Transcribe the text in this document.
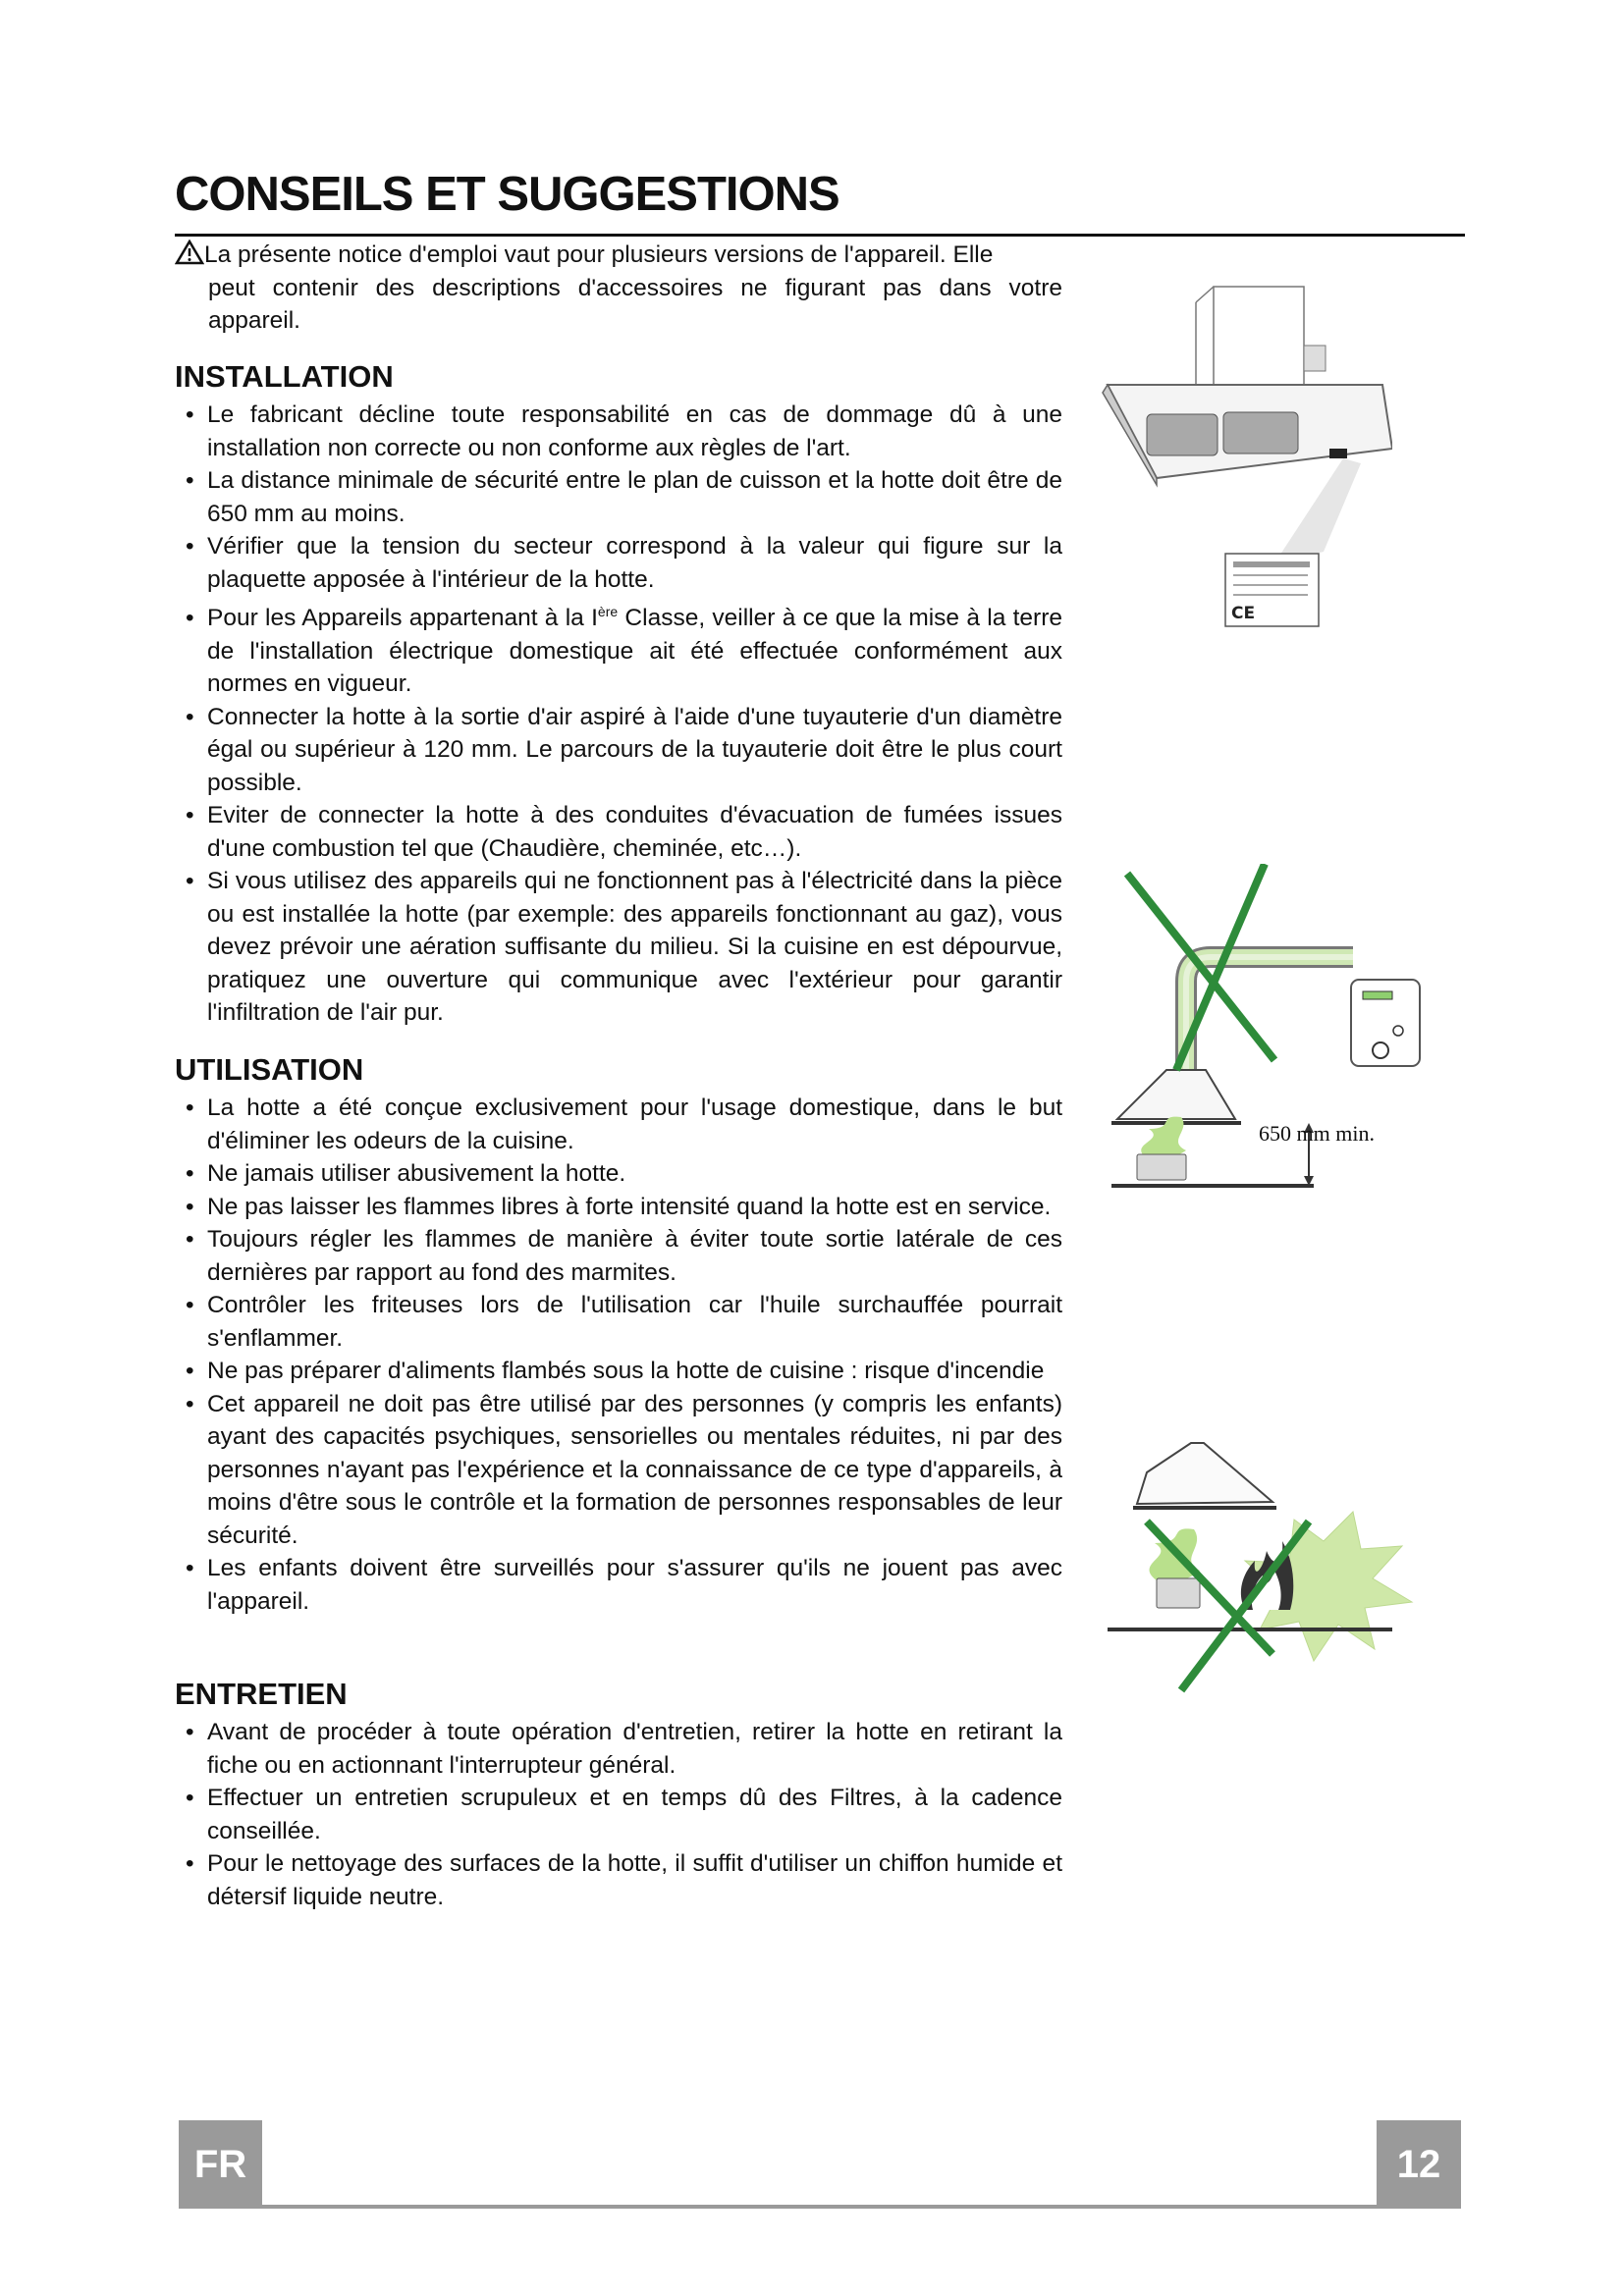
CONSEILS ET SUGGESTIONS
La présente notice d'emploi vaut pour plusieurs versions de l'appareil. Elle
peut contenir des descriptions d'accessoires ne figurant pas dans votre appareil.
INSTALLATION
• Le fabricant décline toute responsabilité en cas de dommage dû à une installation non correcte ou non conforme aux règles de l'art.
• La distance minimale de sécurité entre le plan de cuisson et la hotte doit être de 650 mm au moins.
• Vérifier que la tension du secteur correspond à la valeur qui figure sur la plaquette apposée à l'intérieur de la hotte.
• Pour les Appareils appartenant à la Ière Classe, veiller à ce que la mise à la terre de l'installation électrique domestique ait été effectuée conformément aux normes en vigueur.
• Connecter la hotte à la sortie d'air aspiré à l'aide d'une tuyauterie d'un diamètre égal ou supérieur à 120 mm. Le parcours de la tuyauterie doit être le plus court possible.
• Eviter de connecter la hotte à des conduites d'évacuation de fumées issues d'une combustion tel que (Chaudière, cheminée, etc…).
• Si vous utilisez des appareils qui ne fonctionnent pas à l'électricité dans la pièce ou est installée la hotte (par exemple: des appareils fonctionnant au gaz), vous devez prévoir une aération suffisante du milieu. Si la cuisine en est dépourvue, pratiquez une ouverture qui communique avec l'extérieur pour garantir l'infiltration de l'air pur.
UTILISATION
• La hotte a été conçue exclusivement pour l'usage domestique, dans le but d'éliminer les odeurs de la cuisine.
• Ne jamais utiliser abusivement la hotte.
• Ne pas laisser les flammes libres à forte intensité quand la hotte est en service.
• Toujours régler les flammes de manière à éviter toute sortie latérale de ces dernières par rapport au fond des marmites.
• Contrôler les friteuses lors de l'utilisation car l'huile surchauffée pourrait s'enflammer.
• Ne pas préparer d'aliments flambés sous la hotte de cuisine : risque d'incendie
• Cet appareil ne doit pas être utilisé par des personnes (y compris les enfants) ayant des capacités psychiques, sensorielles ou mentales réduites, ni par des personnes n'ayant pas l'expérience et la connaissance de ce type d'appareils, à moins d'être sous le contrôle et la formation de personnes responsables de leur sécurité.
• Les enfants doivent être surveillés pour s'assurer qu'ils ne jouent pas avec l'appareil.
ENTRETIEN
• Avant de procéder à toute opération d'entretien, retirer la hotte en retirant la fiche ou en actionnant l'interrupteur général.
• Effectuer un entretien scrupuleux et en temps dû des Filtres, à la cadence conseillée.
• Pour le nettoyage des surfaces de la hotte, il suffit d'utiliser un chiffon humide et détersif liquide neutre.
CE
650 mm min.
FR	12
